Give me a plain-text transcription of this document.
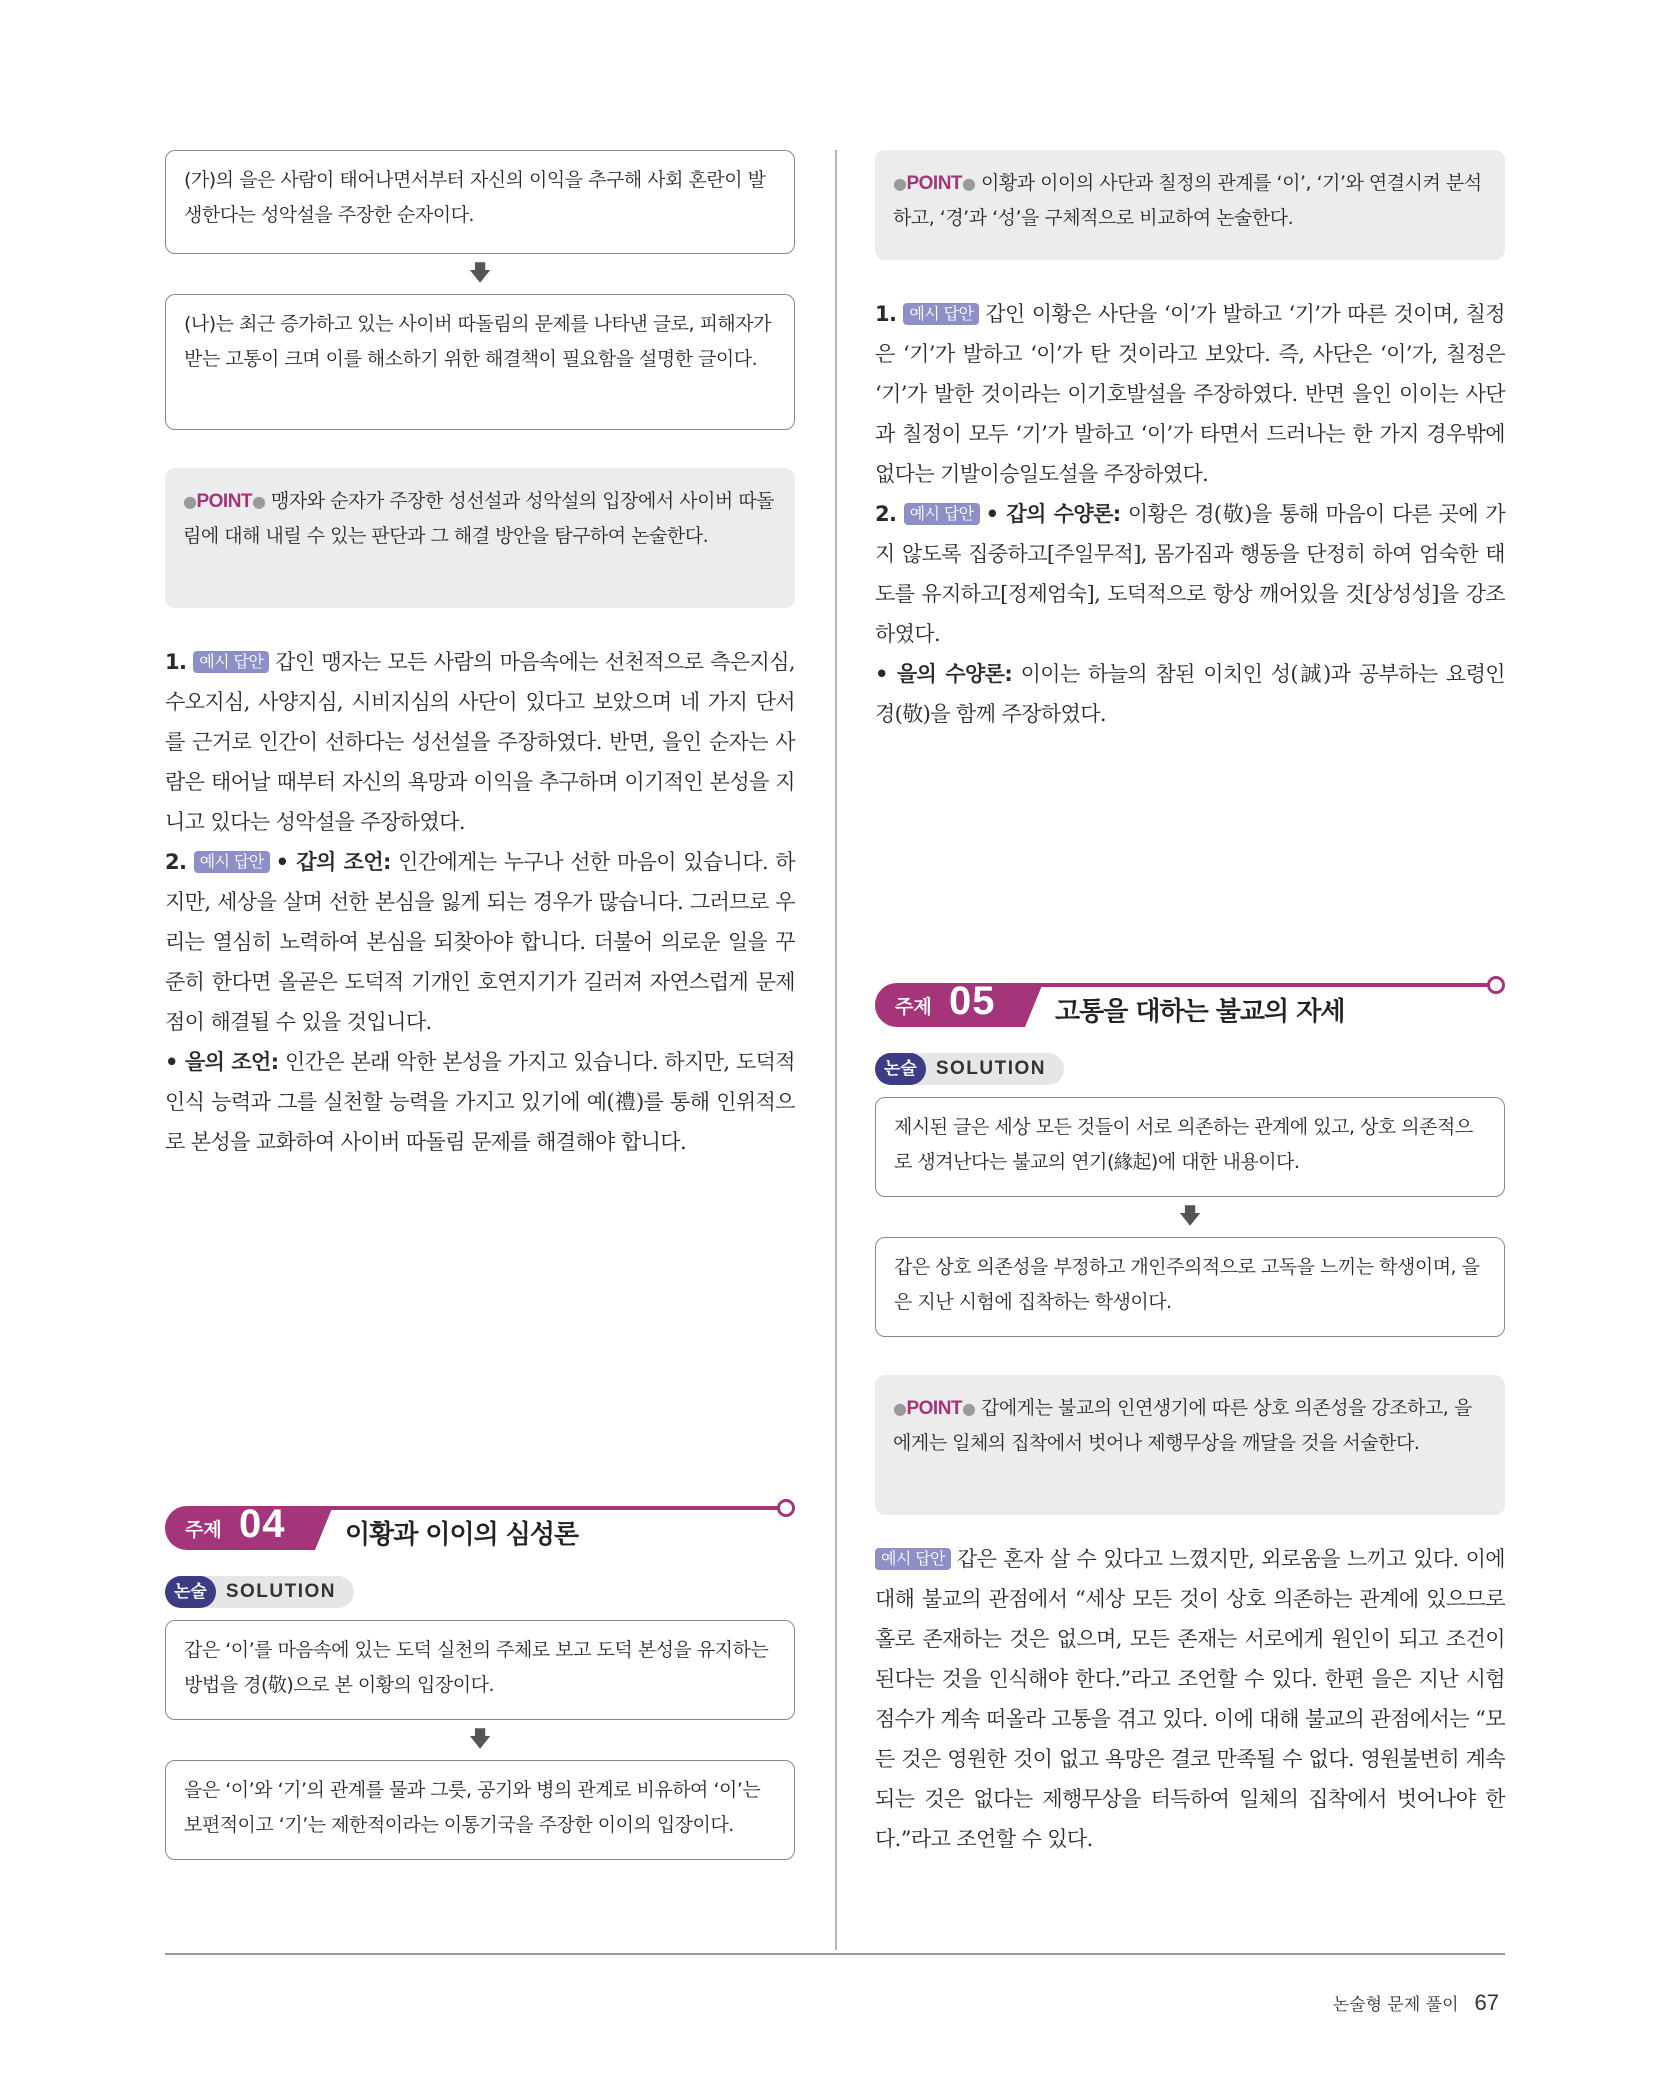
(가)의 을은 사람이 태어나면서부터 자신의 이익을 추구해 사회 혼란이 발생한다는 성악설을 주장한 순자이다.
🡇
(나)는 최근 증가하고 있는 사이버 따돌림의 문제를 나타낸 글로, 피해자가 받는 고통이 크며 이를 해소하기 위한 해결책이 필요함을 설명한 글이다.
●POINT● 맹자와 순자가 주장한 성선설과 성악설의 입장에서 사이버 따돌림에 대해 내릴 수 있는 판단과 그 해결 방안을 탐구하여 논술한다.
1. 예시 답안 갑인 맹자는 모든 사람의 마음속에는 선천적으로 측은지심, 수오지심, 사양지심, 시비지심의 사단이 있다고 보았으며 네 가지 단서를 근거로 인간이 선하다는 성선설을 주장하였다. 반면, 을인 순자는 사람은 태어날 때부터 자신의 욕망과 이익을 추구하며 이기적인 본성을 지니고 있다는 성악설을 주장하였다.
2. 예시 답안 • 갑의 조언: 인간에게는 누구나 선한 마음이 있습니다. 하지만, 세상을 살며 선한 본심을 잃게 되는 경우가 많습니다. 그러므로 우리는 열심히 노력하여 본심을 되찾아야 합니다. 더불어 의로운 일을 꾸준히 한다면 올곧은 도덕적 기개인 호연지기가 길러져 자연스럽게 문제점이 해결될 수 있을 것입니다.
• 을의 조언: 인간은 본래 악한 본성을 가지고 있습니다. 하지만, 도덕적 인식 능력과 그를 실천할 능력을 가지고 있기에 예(禮)를 통해 인위적으로 본성을 교화하여 사이버 따돌림 문제를 해결해야 합니다.
주제 04 이황과 이이의 심성론
논술 SOLUTION
갑은 ‘이’를 마음속에 있는 도덕 실천의 주체로 보고 도덕 본성을 유지하는 방법을 경(敬)으로 본 이황의 입장이다.
🡇
을은 ‘이’와 ‘기’의 관계를 물과 그릇, 공기와 병의 관계로 비유하여 ‘이’는 보편적이고 ‘기’는 제한적이라는 이통기국을 주장한 이이의 입장이다.
●POINT● 이황과 이이의 사단과 칠정의 관계를 ‘이’, ‘기’와 연결시켜 분석하고, ‘경’과 ‘성’을 구체적으로 비교하여 논술한다.
1. 예시 답안 갑인 이황은 사단을 ‘이’가 발하고 ‘기’가 따른 것이며, 칠정은 ‘기’가 발하고 ‘이’가 탄 것이라고 보았다. 즉, 사단은 ‘이’가, 칠정은 ‘기’가 발한 것이라는 이기호발설을 주장하였다. 반면 을인 이이는 사단과 칠정이 모두 ‘기’가 발하고 ‘이’가 타면서 드러나는 한 가지 경우밖에 없다는 기발이승일도설을 주장하였다.
2. 예시 답안 • 갑의 수양론: 이황은 경(敬)을 통해 마음이 다른 곳에 가지 않도록 집중하고[주일무적], 몸가짐과 행동을 단정히 하여 엄숙한 태도를 유지하고[정제엄숙], 도덕적으로 항상 깨어있을 것[상성성]을 강조하였다.
• 을의 수양론: 이이는 하늘의 참된 이치인 성(誠)과 공부하는 요령인 경(敬)을 함께 주장하였다.
주제 05 고통을 대하는 불교의 자세
논술 SOLUTION
제시된 글은 세상 모든 것들이 서로 의존하는 관계에 있고, 상호 의존적으로 생겨난다는 불교의 연기(緣起)에 대한 내용이다.
🡇
갑은 상호 의존성을 부정하고 개인주의적으로 고독을 느끼는 학생이며, 을은 지난 시험에 집착하는 학생이다.
●POINT● 갑에게는 불교의 인연생기에 따른 상호 의존성을 강조하고, 을에게는 일체의 집착에서 벗어나 제행무상을 깨달을 것을 서술한다.
예시 답안 갑은 혼자 살 수 있다고 느꼈지만, 외로움을 느끼고 있다. 이에 대해 불교의 관점에서 “세상 모든 것이 상호 의존하는 관계에 있으므로 홀로 존재하는 것은 없으며, 모든 존재는 서로에게 원인이 되고 조건이 된다는 것을 인식해야 한다.”라고 조언할 수 있다. 한편 을은 지난 시험 점수가 계속 떠올라 고통을 겪고 있다. 이에 대해 불교의 관점에서는 “모든 것은 영원한 것이 없고 욕망은 결코 만족될 수 없다. 영원불변히 계속되는 것은 없다는 제행무상을 터득하여 일체의 집착에서 벗어나야 한다.”라고 조언할 수 있다.
논술형 문제 풀이 67
